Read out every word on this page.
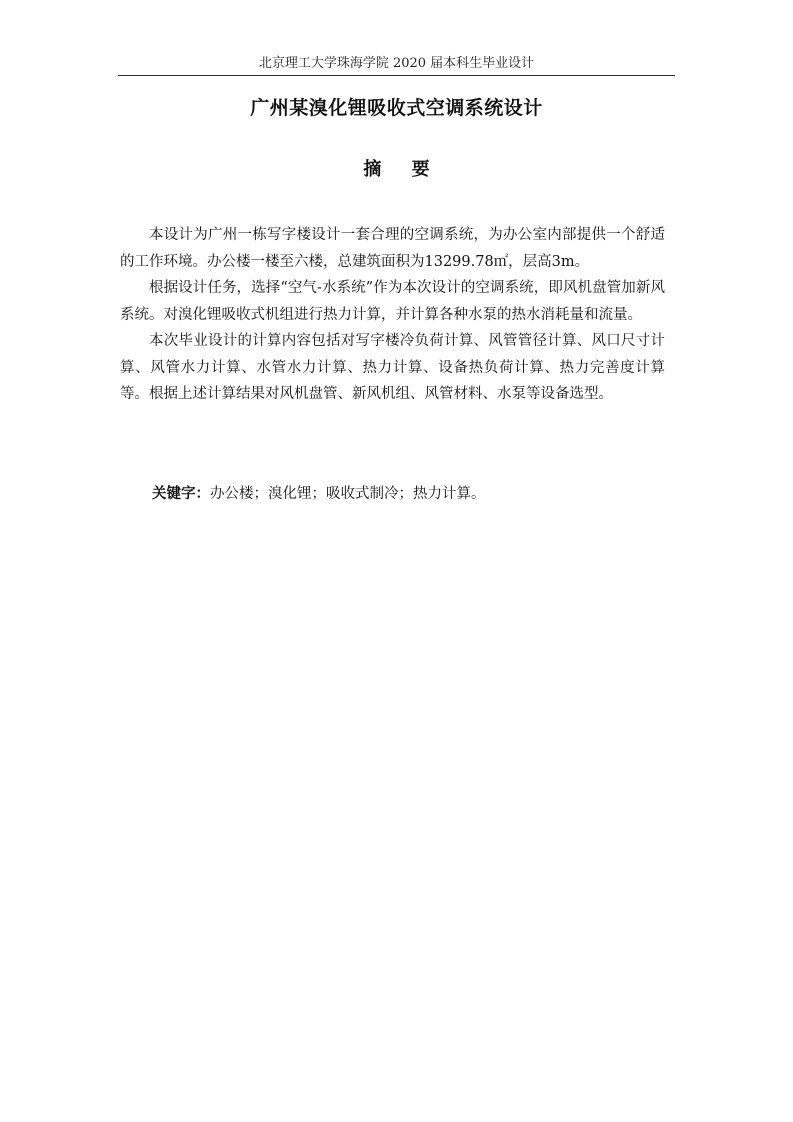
北京理工大学珠海学院 2020 届本科生毕业设计
广州某溴化锂吸收式空调系统设计
摘 要

本设计为广州一栋写字楼设计一套合理的空调系统，为办公室内部提供一个舒适的工作环境。办公楼一楼至六楼，总建筑面积为13299.78㎡，层高3m。

根据设计任务，选择“空气-水系统”作为本次设计的空调系统，即风机盘管加新风系统。对溴化锂吸收式机组进行热力计算，并计算各种水泵的热水消耗量和流量。

本次毕业设计的计算内容包括对写字楼冷负荷计算、风管管径计算、风口尺寸计算、风管水力计算、水管水力计算、热力计算、设备热负荷计算、热力完善度计算等。根据上述计算结果对风机盘管、新风机组、风管材料、水泵等设备选型。

关键字：办公楼；溴化锂；吸收式制冷；热力计算。
